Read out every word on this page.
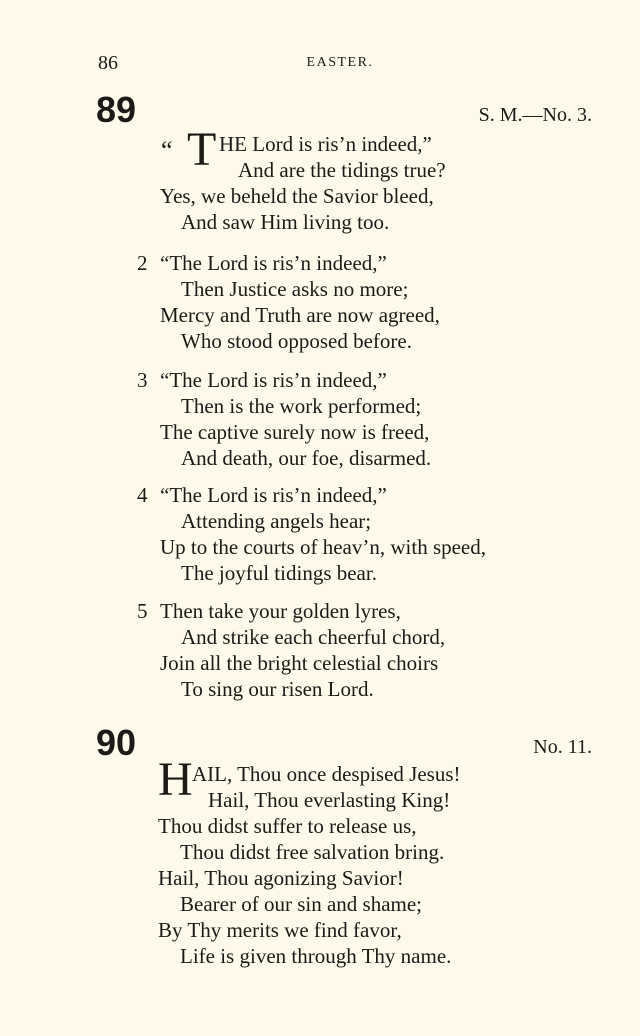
86	EASTER.
89	S. M.—No. 3.
“ T HE Lord is ris’n indeed,”
And are the tidings true?
Yes, we beheld the Savior bleed,
And saw Him living too.
2 “The Lord is ris’n indeed,”
Then Justice asks no more;
Mercy and Truth are now agreed,
Who stood opposed before.
3 “The Lord is ris’n indeed,”
Then is the work performed;
The captive surely now is freed,
And death, our foe, disarmed.
4 “The Lord is ris’n indeed,”
Attending angels hear;
Up to the courts of heav’n, with speed,
The joyful tidings bear.
5 Then take your golden lyres,
And strike each cheerful chord,
Join all the bright celestial choirs
To sing our risen Lord.
90	No. 11.
H AIL, Thou once despised Jesus!
Hail, Thou everlasting King!
Thou didst suffer to release us,
Thou didst free salvation bring.
Hail, Thou agonizing Savior!
Bearer of our sin and shame;
By Thy merits we find favor,
Life is given through Thy name.
